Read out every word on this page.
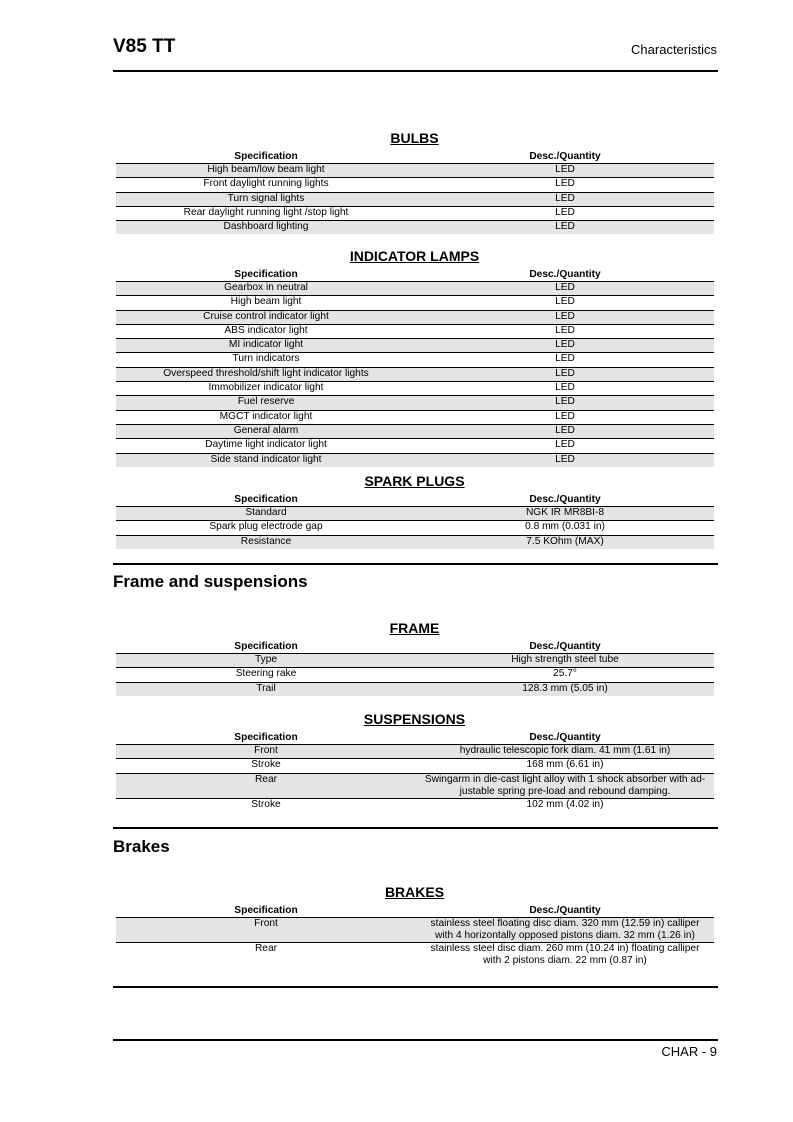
V85 TT	Characteristics
BULBS
Specification	Desc./Quantity
High beam/low beam light	LED
Front daylight running lights	LED
Turn signal lights	LED
Rear daylight running light /stop light	LED
Dashboard lighting	LED
INDICATOR LAMPS
Specification	Desc./Quantity
Gearbox in neutral	LED
High beam light	LED
Cruise control indicator light	LED
ABS indicator light	LED
MI indicator light	LED
Turn indicators	LED
Overspeed threshold/shift light indicator lights	LED
Immobilizer indicator light	LED
Fuel reserve	LED
MGCT indicator light	LED
General alarm	LED
Daytime light indicator light	LED
Side stand indicator light	LED
SPARK PLUGS
Specification	Desc./Quantity
Standard	NGK IR MR8BI-8
Spark plug electrode gap	0.8 mm (0.031 in)
Resistance	7.5 KOhm (MAX)
Frame and suspensions
FRAME
Specification	Desc./Quantity
Type	High strength steel tube
Steering rake	25.7°
Trail	128.3 mm (5.05 in)
SUSPENSIONS
Specification	Desc./Quantity
Front	hydraulic telescopic fork diam. 41 mm (1.61 in)
Stroke	168 mm (6.61 in)
Rear	Swingarm in die-cast light alloy with 1 shock absorber with ad-
justable spring pre-load and rebound damping.

Stroke	102 mm (4.02 in)
Brakes
BRAKES
Specification	Desc./Quantity
Front	stainless steel floating disc diam. 320 mm (12.59 in) calliper
with 4 horizontally opposed pistons diam. 32 mm (1.26 in)

Rear	stainless steel disc diam. 260 mm (10.24 in) floating calliper
with 2 pistons diam. 22 mm (0.87 in)
CHAR - 9
